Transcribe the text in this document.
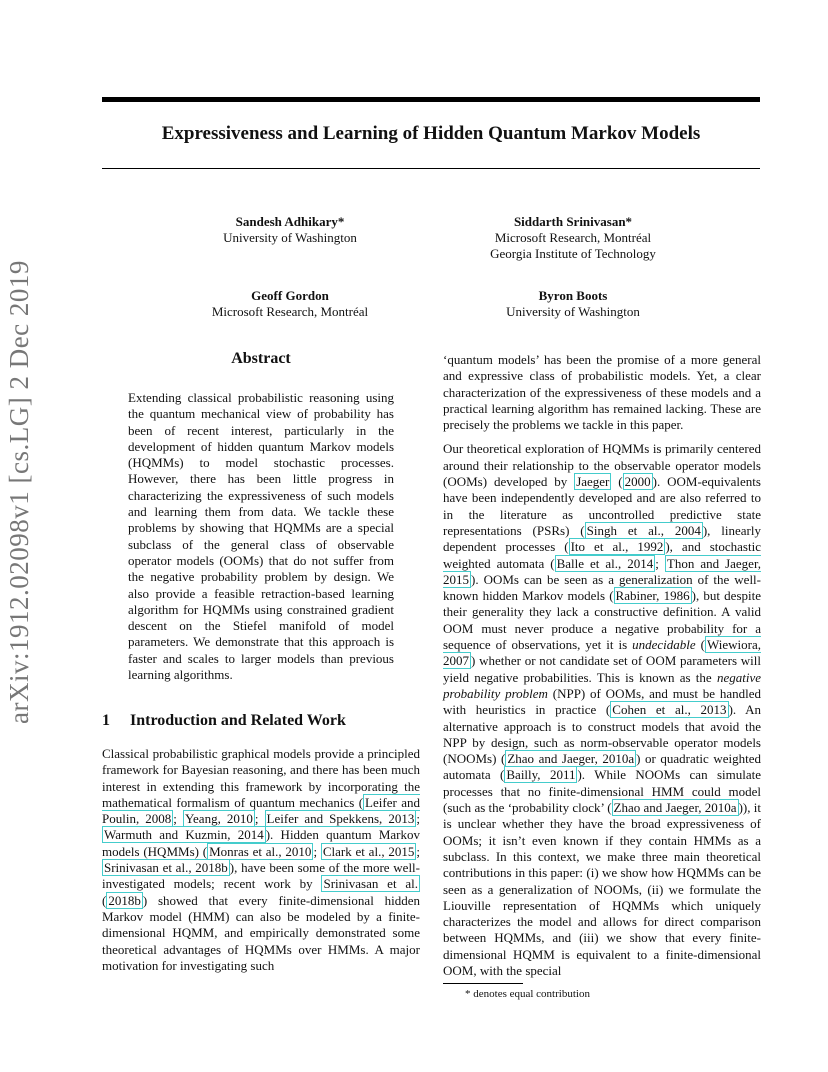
Expressiveness and Learning of Hidden Quantum Markov Models
Sandesh Adhikary*
University of Washington
Siddarth Srinivasan*
Microsoft Research, Montréal
Georgia Institute of Technology
Geoff Gordon
Microsoft Research, Montréal
Byron Boots
University of Washington
arXiv:1912.02098v1 [cs.LG] 2 Dec 2019	Abstract
Extending classical probabilistic reasoning using the quantum mechanical view of probability has been of recent interest, particularly in the development of hidden quantum Markov models (HQMMs) to model stochastic processes. However, there has been little progress in characterizing the expressiveness of such models and learning them from data. We tackle these problems by showing that HQMMs are a special subclass of the general class of observable operator models (OOMs) that do not suffer from the negative probability problem by design. We also provide a feasible retraction-based learning algorithm for HQMMs using constrained gradient descent on the Stiefel manifold of model parameters. We demonstrate that this approach is faster and scales to larger models than previous learning algorithms.
1 Introduction and Related Work

Classical probabilistic graphical models provide a principled framework for Bayesian reasoning, and there has been much interest in extending this framework by incorporating the mathematical formalism of quantum mechanics ( Leifer and Poulin, 2008 ; Yeang, 2010 ; Leifer and Spekkens, 2013 ; Warmuth and Kuzmin, 2014 ). Hidden quantum Markov models (HQMMs) ( Monras et al., 2010 ; Clark et al., 2015 ; Srinivasan et al., 2018b ), have been some of the more well-investigated models; recent work by Srinivasan et al. ( 2018b ) showed that every finite-dimensional hidden Markov model (HMM) can also be modeled by a finite-dimensional HQMM, and empirically demonstrated some theoretical advantages of HQMMs over HMMs. A major motivation for investigating such

‘quantum models’ has been the promise of a more general and expressive class of probabilistic models. Yet, a clear characterization of the expressiveness of these models and a practical learning algorithm has remained lacking. These are precisely the problems we tackle in this paper.

Our theoretical exploration of HQMMs is primarily centered around their relationship to the observable operator models (OOMs) developed by Jaeger ( 2000 ). OOM-equivalents have been independently developed and are also referred to in the literature as uncontrolled predictive state representations (PSRs) ( Singh et al., 2004 ), linearly dependent processes ( Ito et al., 1992 ), and stochastic weighted automata ( Balle et al., 2014 ; Thon and Jaeger, 2015 ). OOMs can be seen as a generalization of the well-known hidden Markov models ( Rabiner, 1986 ), but despite their generality they lack a constructive definition. A valid OOM must never produce a negative probability for a sequence of observations, yet it is undecidable ( Wiewiora, 2007 ) whether or not candidate set of OOM parameters will yield negative probabilities. This is known as the negative probability problem (NPP) of OOMs, and must be handled with heuristics in practice ( Cohen et al., 2013 ). An alternative approach is to construct models that avoid the NPP by design, such as norm-observable operator models (NOOMs) ( Zhao and Jaeger, 2010a ) or quadratic weighted automata ( Bailly, 2011 ). While NOOMs can simulate processes that no finite-dimensional HMM could model (such as the ‘probability clock’ ( Zhao and Jaeger, 2010a )), it is unclear whether they have the broad expressiveness of OOMs; it isn’t even known if they contain HMMs as a subclass. In this context, we make three main theoretical contributions in this paper: (i) we show how HQMMs can be seen as a generalization of NOOMs, (ii) we formulate the Liouville representation of HQMMs which uniquely characterizes the model and allows for direct comparison between HQMMs, and (iii) we show that every finite-dimensional HQMM is equivalent to a finite-dimensional OOM, with the special

* denotes equal contribution
